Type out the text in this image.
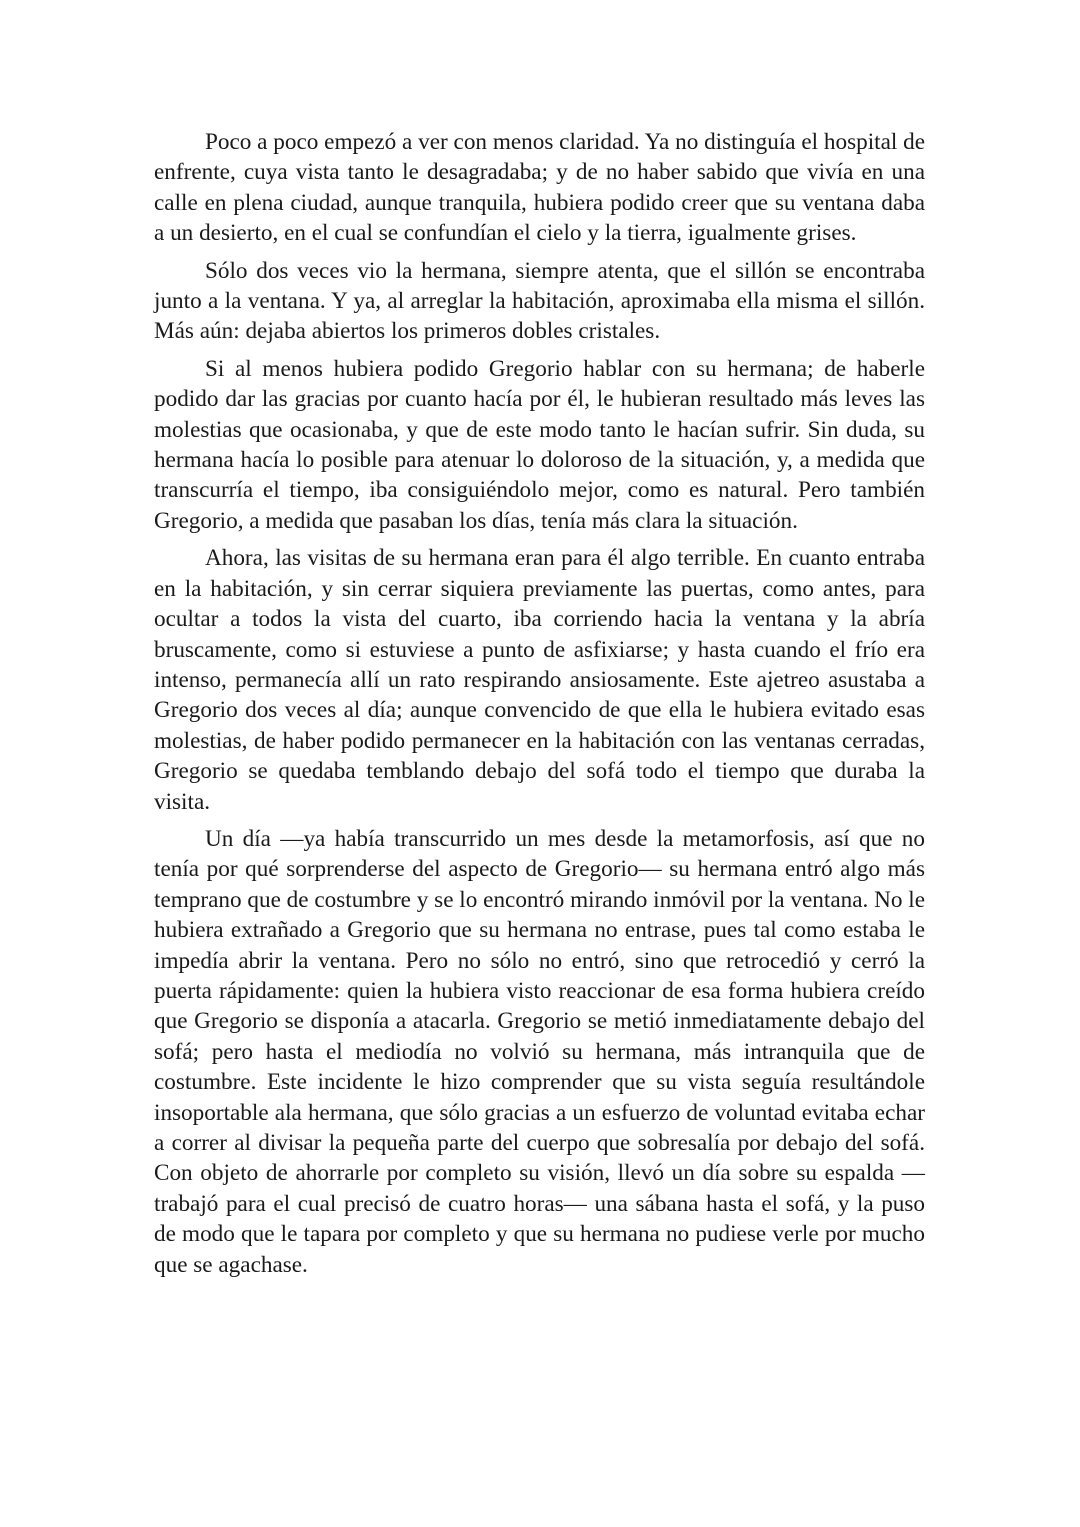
Poco a poco empezó a ver con menos claridad. Ya no distinguía el hospital de enfrente, cuya vista tanto le desagradaba; y de no haber sabido que vivía en una calle en plena ciudad, aunque tranquila, hubiera podido creer que su ventana daba a un desierto, en el cual se confundían el cielo y la tierra, igualmente grises.

Sólo dos veces vio la hermana, siempre atenta, que el sillón se encontraba junto a la ventana. Y ya, al arreglar la habitación, aproximaba ella misma el sillón. Más aún: dejaba abiertos los primeros dobles cristales.

Si al menos hubiera podido Gregorio hablar con su hermana; de haberle podido dar las gracias por cuanto hacía por él, le hubieran resultado más leves las molestias que ocasionaba, y que de este modo tanto le hacían sufrir. Sin duda, su hermana hacía lo posible para atenuar lo doloroso de la situación, y, a medida que transcurría el tiempo, iba consiguiéndolo mejor, como es natural. Pero también Gregorio, a medida que pasaban los días, tenía más clara la situación.

Ahora, las visitas de su hermana eran para él algo terrible. En cuanto entraba en la habitación, y sin cerrar siquiera previamente las puertas, como antes, para ocultar a todos la vista del cuarto, iba corriendo hacia la ventana y la abría bruscamente, como si estuviese a punto de asfixiarse; y hasta cuando el frío era intenso, permanecía allí un rato respirando ansiosamente. Este ajetreo asustaba a Gregorio dos veces al día; aunque convencido de que ella le hubiera evitado esas molestias, de haber podido permanecer en la habitación con las ventanas cerradas, Gregorio se quedaba temblando debajo del sofá todo el tiempo que duraba la visita.

Un día —ya había transcurrido un mes desde la metamorfosis, así que no tenía por qué sorprenderse del aspecto de Gregorio— su hermana entró algo más temprano que de costumbre y se lo encontró mirando inmóvil por la ventana. No le hubiera extrañado a Gregorio que su hermana no entrase, pues tal como estaba le impedía abrir la ventana. Pero no sólo no entró, sino que retrocedió y cerró la puerta rápidamente: quien la hubiera visto reaccionar de esa forma hubiera creído que Gregorio se disponía a atacarla. Gregorio se metió inmediatamente debajo del sofá; pero hasta el mediodía no volvió su hermana, más intranquila que de costumbre. Este incidente le hizo comprender que su vista seguía resultándole insoportable ala hermana, que sólo gracias a un esfuerzo de voluntad evitaba echar a correr al divisar la pequeña parte del cuerpo que sobresalía por debajo del sofá. Con objeto de ahorrarle por completo su visión, llevó un día sobre su espalda —trabajó para el cual precisó de cuatro horas— una sábana hasta el sofá, y la puso de modo que le tapara por completo y que su hermana no pudiese verle por mucho que se agachase.
